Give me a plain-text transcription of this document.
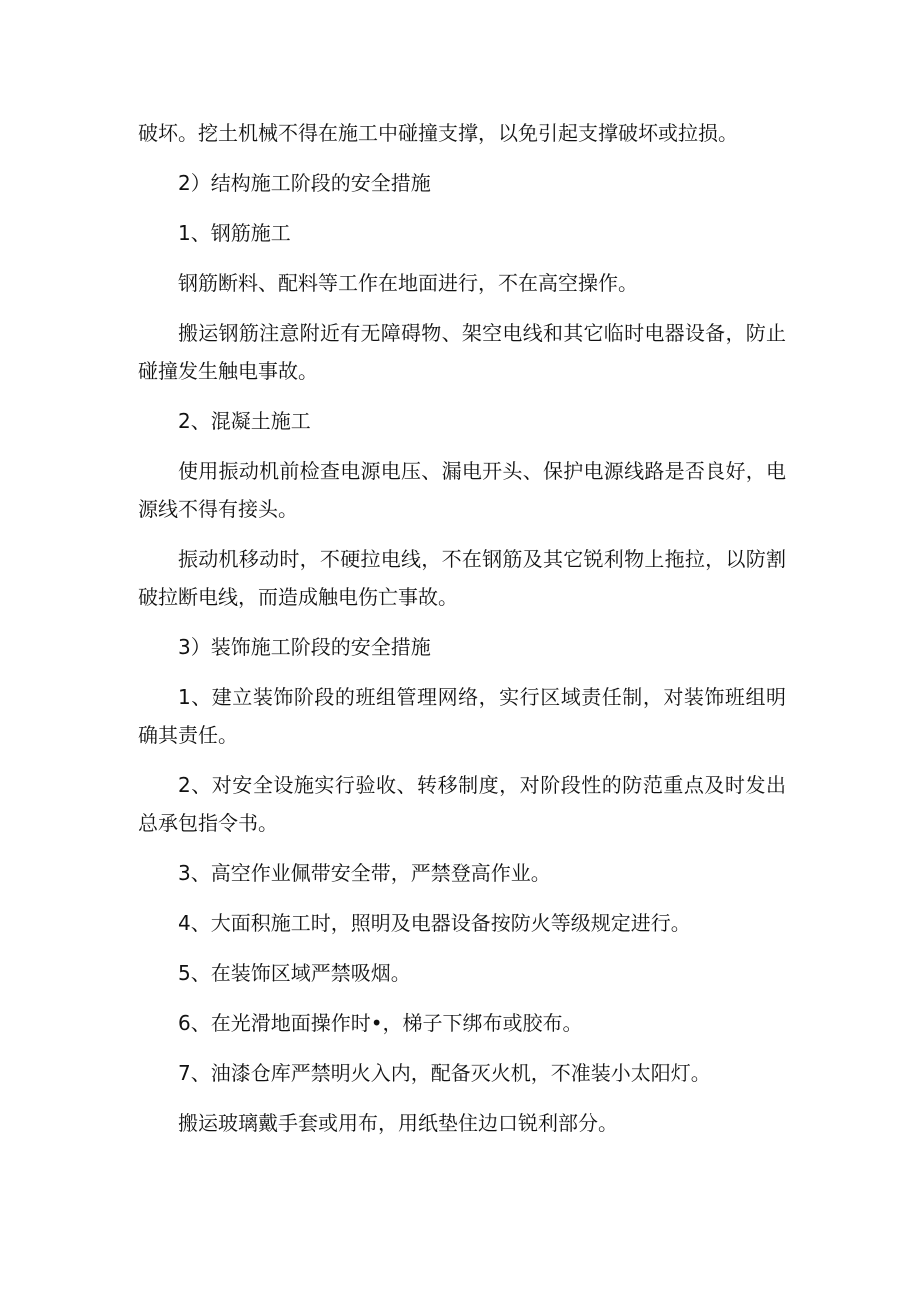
破坏。挖土机械不得在施工中碰撞支撑，以免引起支撑破坏或拉损。

2）结构施工阶段的安全措施

1、钢筋施工

钢筋断料、配料等工作在地面进行，不在高空操作。

搬运钢筋注意附近有无障碍物、架空电线和其它临时电器设备，防止碰撞发生触电事故。

2、混凝土施工

使用振动机前检查电源电压、漏电开头、保护电源线路是否良好，电源线不得有接头。

振动机移动时，不硬拉电线，不在钢筋及其它锐利物上拖拉，以防割破拉断电线，而造成触电伤亡事故。

3）装饰施工阶段的安全措施

1、建立装饰阶段的班组管理网络，实行区域责任制，对装饰班组明确其责任。

2、对安全设施实行验收、转移制度，对阶段性的防范重点及时发出总承包指令书。

3、高空作业佩带安全带，严禁登高作业。

4、大面积施工时，照明及电器设备按防火等级规定进行。

5、在装饰区域严禁吸烟。

6、在光滑地面操作时•，梯子下绑布或胶布。

7、油漆仓库严禁明火入内，配备灭火机，不准装小太阳灯。

搬运玻璃戴手套或用布，用纸垫住边口锐利部分。
